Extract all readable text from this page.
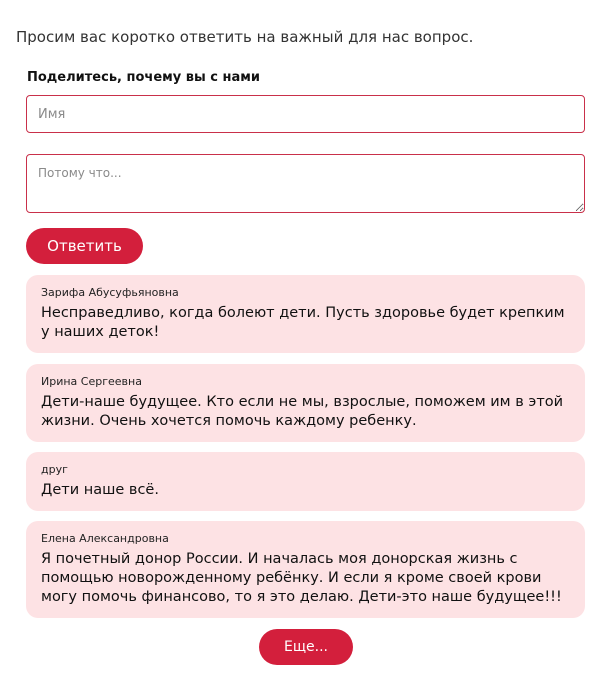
Просим вас коротко ответить на важный для нас вопрос.
Поделитесь, почему вы с нами
Имя
Потому что...
Ответить
Зарифа Абусуфьяновна
Несправедливо, когда болеют дети. Пусть здоровье будет крепким у наших деток!
Ирина Сергеевна
Дети-наше будущее. Кто если не мы, взрослые, поможем им в этой жизни. Очень хочется помочь каждому ребенку.
друг
Дети наше всё.
Елена Александровна
Я почетный донор России. И началась моя донорская жизнь с помощью новорожденному ребёнку. И если я кроме своей крови могу помочь финансово, то я это делаю. Дети-это наше будущее!!!
Еще...
